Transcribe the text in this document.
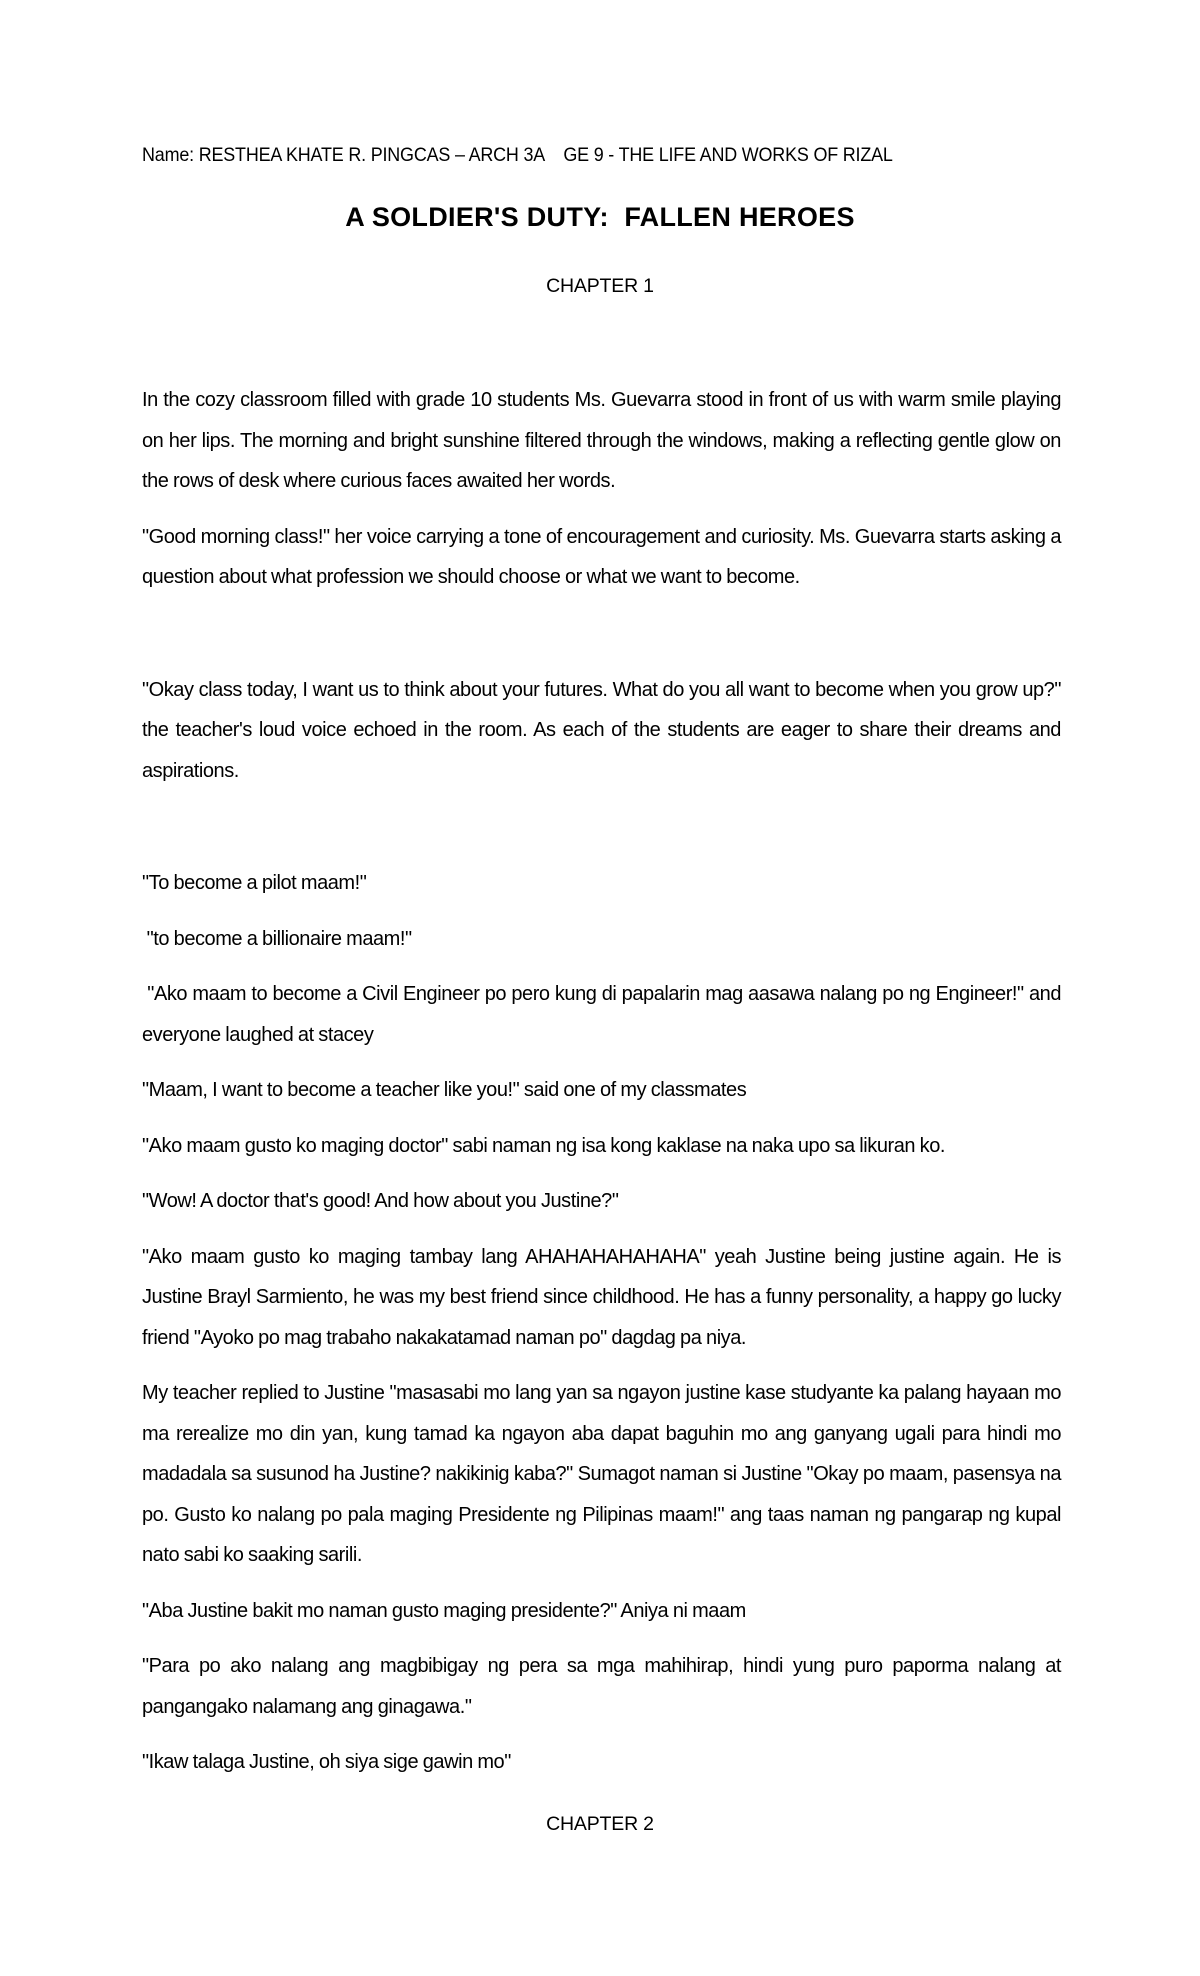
Name: RESTHEA KHATE R. PINGCAS – ARCH 3A GE 9 - THE LIFE AND WORKS OF RIZAL
A SOLDIER'S DUTY:  FALLEN HEROES
CHAPTER 1

In the cozy classroom filled with grade 10 students Ms. Guevarra stood in front of us with warm smile playing on her lips. The morning and bright sunshine filtered through the windows, making a reflecting gentle glow on the rows of desk where curious faces awaited her words.

"Good morning class!" her voice carrying a tone of encouragement and curiosity. Ms. Guevarra starts asking a question about what profession we should choose or what we want to become.

"Okay class today, I want us to think about your futures. What do you all want to become when you grow up?" the teacher's loud voice echoed in the room. As each of the students are eager to share their dreams and aspirations.

"To become a pilot maam!"

"to become a billionaire maam!"

"Ako maam to become a Civil Engineer po pero kung di papalarin mag aasawa nalang po ng Engineer!" and everyone laughed at stacey

"Maam, I want to become a teacher like you!" said one of my classmates

"Ako maam gusto ko maging doctor" sabi naman ng isa kong kaklase na naka upo sa likuran ko.

"Wow! A doctor that's good! And how about you Justine?"

"Ako maam gusto ko maging tambay lang AHAHAHAHAHAHA" yeah Justine being justine again. He is Justine Brayl Sarmiento, he was my best friend since childhood. He has a funny personality, a happy go lucky friend "Ayoko po mag trabaho nakakatamad naman po" dagdag pa niya.

My teacher replied to Justine "masasabi mo lang yan sa ngayon justine kase studyante ka palang hayaan mo ma rerealize mo din yan, kung tamad ka ngayon aba dapat baguhin mo ang ganyang ugali para hindi mo madadala sa susunod ha Justine? nakikinig kaba?" Sumagot naman si Justine "Okay po maam, pasensya na po. Gusto ko nalang po pala maging Presidente ng Pilipinas maam!" ang taas naman ng pangarap ng kupal nato sabi ko saaking sarili.

"Aba Justine bakit mo naman gusto maging presidente?" Aniya ni maam

"Para po ako nalang ang magbibigay ng pera sa mga mahihirap, hindi yung puro paporma nalang at pangangako nalamang ang ginagawa."

"Ikaw talaga Justine, oh siya sige gawin mo"

CHAPTER 2
